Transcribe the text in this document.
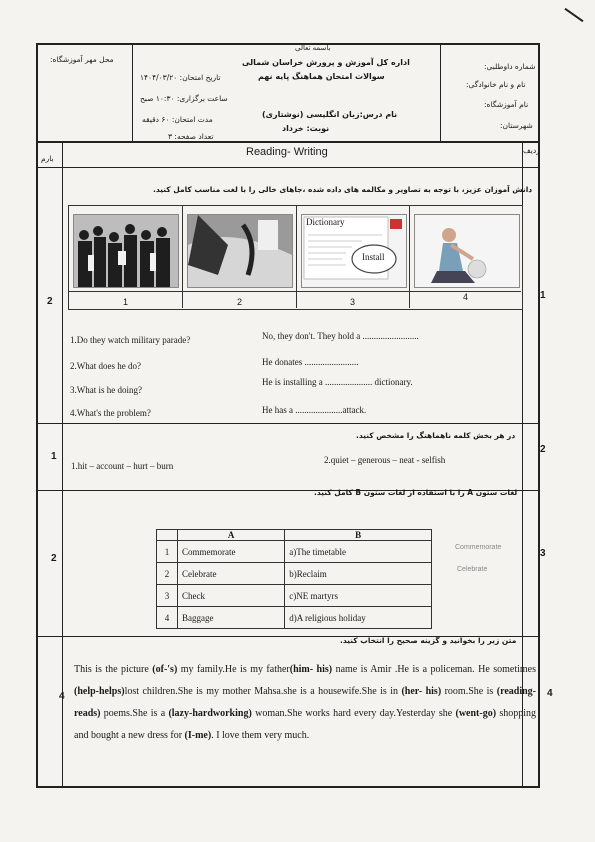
باسمه تعالی
اداره کل آموزش و پرورش خراسان شمالی
سوالات امتحان هماهنگ پایه نهم
نام درس:زبان انگلیسی (نوشتاری)
نوبت: خرداد
محل مهر آموزشگاه:
تاریخ امتحان: ۱۴۰۴/۰۳/۲۰
ساعت برگزاری: ۱۰:۳۰ صبح
مدت امتحان: ۶۰ دقیقه
تعداد صفحه: ۳
شماره داوطلبی:
نام و نام خانوادگی:
نام آموزشگاه:
شهرستان:
بارم
ردیف
Reading- Writing
دانش آموزان عزیز، با توجه به تصاویر و مکالمه های داده شده ،جاهای خالی را با لغت مناسب کامل کنید.
2
1
Dictionary
Install
1	2	3	4
1.Do they watch military parade?	No, they don't. They hold a .........................
2.What does he do?	He donates ........................
3.What is he doing?
He is installing a ..................... dictionary.
4.What's the problem?	He has a .....................attack.
در هر بخش کلمه ناهماهنگ را مشخص کنید.
1
2
1.hit – account – hurt – burn
2.quiet – generous – neat - selfish
لغات ستون A را با استفاده از لغات ستون B کامل کنید.
2	3
	A	B
1	Commemorate	a)The timetable
2	Celebrate	b)Reclaim
3	Check	c)NE martyrs
4	Baggage	d)A religious holiday
Commemorate
Celebrate
متن زیر را بخوانید و گزینه صحیح را انتخاب کنید.
4	4
This is the picture (of-'s) my family.He is my father(him- his) name is Amir .He is a policeman. He sometimes (help-helps)lost children.She is my mother Mahsa.she is a housewife.She is in (her- his) room.She is (reading-reads) poems.She is a (lazy-hardworking) woman.She works hard every day.Yesterday she (went-go) shopping and bought a new dress for (I-me). I love them very much.
